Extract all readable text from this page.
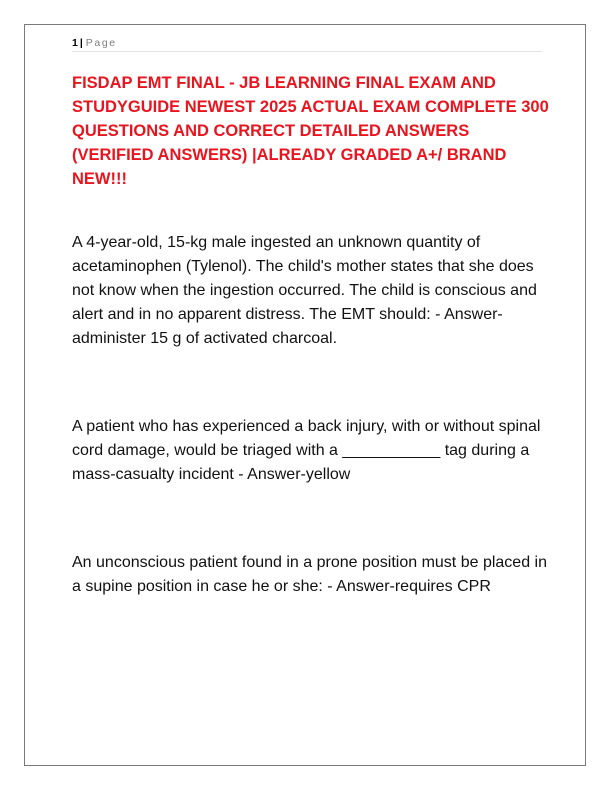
1 | Page

FISDAP EMT FINAL - JB LEARNING FINAL EXAM AND STUDYGUIDE NEWEST 2025 ACTUAL EXAM COMPLETE 300 QUESTIONS AND CORRECT DETAILED ANSWERS (VERIFIED ANSWERS) |ALREADY GRADED A+/ BRAND NEW!!!

A 4-year-old, 15-kg male ingested an unknown quantity of acetaminophen (Tylenol). The child's mother states that she does not know when the ingestion occurred. The child is conscious and alert and in no apparent distress. The EMT should: - Answer-administer 15 g of activated charcoal.

A patient who has experienced a back injury, with or without spinal cord damage, would be triaged with a ___________ tag during a mass-casualty incident - Answer-yellow

An unconscious patient found in a prone position must be placed in a supine position in case he or she: - Answer-requires CPR
